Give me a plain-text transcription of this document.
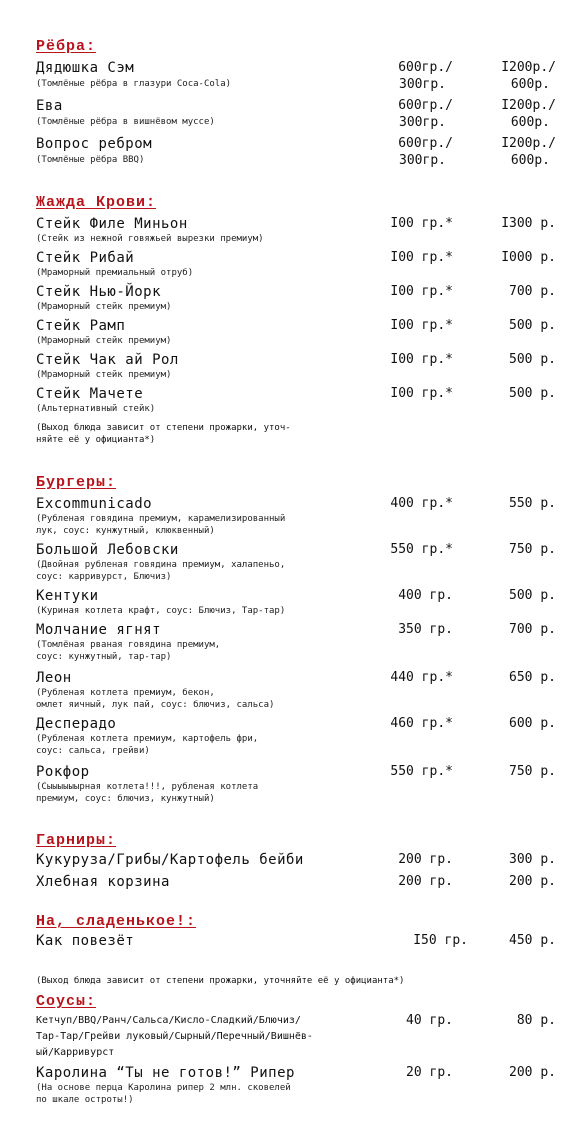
Рёбра:
Дядюшка Сэм
(Томлёные рёбра в глазури Coca-Cola)
600гр./	I200р./
300гр.	600р.
Ева
(Томлёные рёбра в вишнёвом муссе)
600гр./	I200р./
300гр.	600р.
Вопрос ребром
(Томлёные рёбра BBQ)
600гр./	I200р./
300гр.	600р.
Жажда Крови:
Стейк Филе Миньон
(Стейк из нежной говяжьей вырезки премиум)
I00 гр.*	I300 р.
Стейк Рибай
(Мраморный премиальный отруб)
I00 гр.*	I000 р.
Стейк Нью-Йорк
(Мраморный стейк премиум)
I00 гр.*	700 р.
Стейк Рамп
(Мраморный стейк премиум)
I00 гр.*	500 р.
Стейк Чак ай Рол
(Мраморный стейк премиум)
I00 гр.*	500 р.
Стейк Мачете
(Альтернативный стейк)
I00 гр.*	500 р.
(Выход блюда зависит от степени прожарки, уточ-
няйте её у официанта*)
Бургеры:
Excommunicado
(Рубленая говядина премиум, карамелизированный
лук, соус: кунжутный, клюквенный)
400 гр.*	550 р.
Большой Лебовски
(Двойная рубленая говядина премиум, халапеньо,
соус: карривурст, Блючиз)
550 гр.*	750 р.
Кентуки
(Куриная котлета крафт, соус: Блючиз, Тар-тар)
400 гр.	500 р.
Молчание ягнят
(Томлёная рваная говядина премиум,
соус: кунжутный, тар-тар)
350 гр.	700 р.
Леон
(Рубленая котлета премиум, бекон,
омлет яичный, лук пай, соус: блючиз, сальса)
440 гр.*	650 р.
Десперадо
(Рубленая котлета премиум, картофель фри,
соус: сальса, грейви)
460 гр.*	600 р.
Рокфор
(Сыыыыыырная котлета!!!, рубленая котлета
премиум, соус: блючиз, кунжутный)
550 гр.*	750 р.
Гарниры:
Кукуруза/Грибы/Картофель бейби	200 гр.	300 р.
Хлебная корзина	200 гр.	200 р.
На, сладенькое!:
Как повезёт	I50 гр.	450 р.
(Выход блюда зависит от степени прожарки, уточняйте её у официанта*)
Соусы:
Кетчуп/BBQ/Ранч/Сальса/Кисло-Сладкий/Блючиз/
Тар-Тар/Грейви луковый/Сырный/Перечный/Вишнёв-
ый/Карривурст
40 гр.	80 р.
Каролина “Ты не готов!” Рипер
(На основе перца Каролина рипер 2 млн. сковелей
по шкале остроты!)
20 гр.	200 р.
